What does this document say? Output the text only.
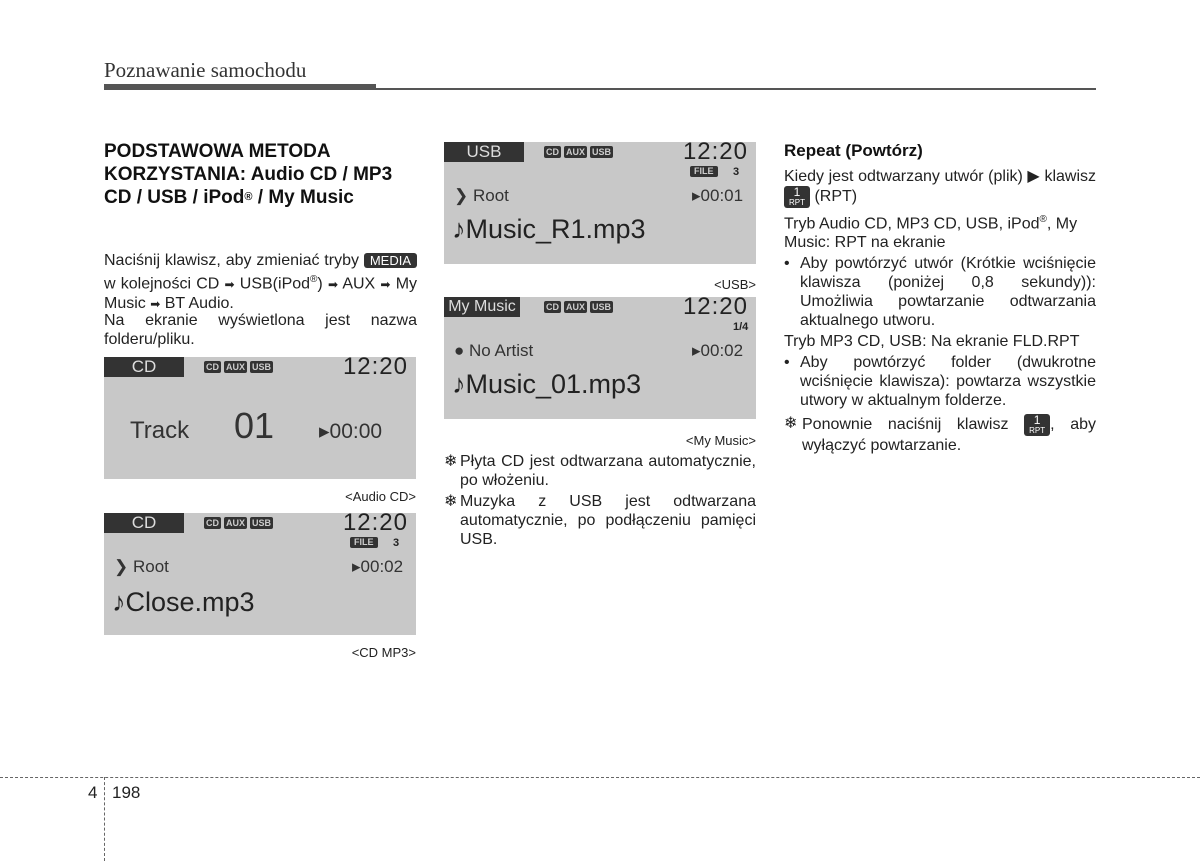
Poznawanie samochodu
PODSTAWOWA METODA KORZYSTANIA: Audio CD / MP3 CD / USB / iPod® / My Music
Naciśnij klawisz, aby zmieniać tryby MEDIA w kolejności CD ➡ USB(iPod®) ➡ AUX ➡ My Music ➡ BT Audio.
Na ekranie wyświetlona jest nazwa folderu/pliku.
CD	CD AUX USB	12:20
Track 01 ▸00:00
<Audio CD>
CD	CD AUX USB	12:20
FILE	3
❯ Root	▸00:02
♪Close.mp3
<CD MP3>
USB	CD AUX USB	12:20
FILE	3
❯ Root	▸00:01
♪Music_R1.mp3
<USB>
My Music	CD AUX USB	12:20
1/4
● No Artist	▸00:02
♪Music_01.mp3
<My Music>
❄ Płyta CD jest odtwarzana automatycznie, po włożeniu.
❄ Muzyka z USB jest odtwarzana automatycznie, po podłączeniu pamięci USB.
Repeat (Powtórz)
Kiedy jest odtwarzany utwór (plik) ▶ klawisz
1
RPT (RPT)
Tryb Audio CD, MP3 CD, USB, iPod®, My Music: RPT na ekranie
• Aby powtórzyć utwór (Krótkie wciśnięcie klawisza (poniżej 0,8 sekundy)): Umożliwia powtarzanie odtwarzania aktualnego utworu.
Tryb MP3 CD, USB: Na ekranie FLD.RPT
• Aby powtórzyć folder (dwukrotne wciśnięcie klawisza): powtarza wszystkie utwory w aktualnym folderze.
❄ Ponownie naciśnij klawisz	1
RPT , aby wyłączyć powtarzanie.
4 198
